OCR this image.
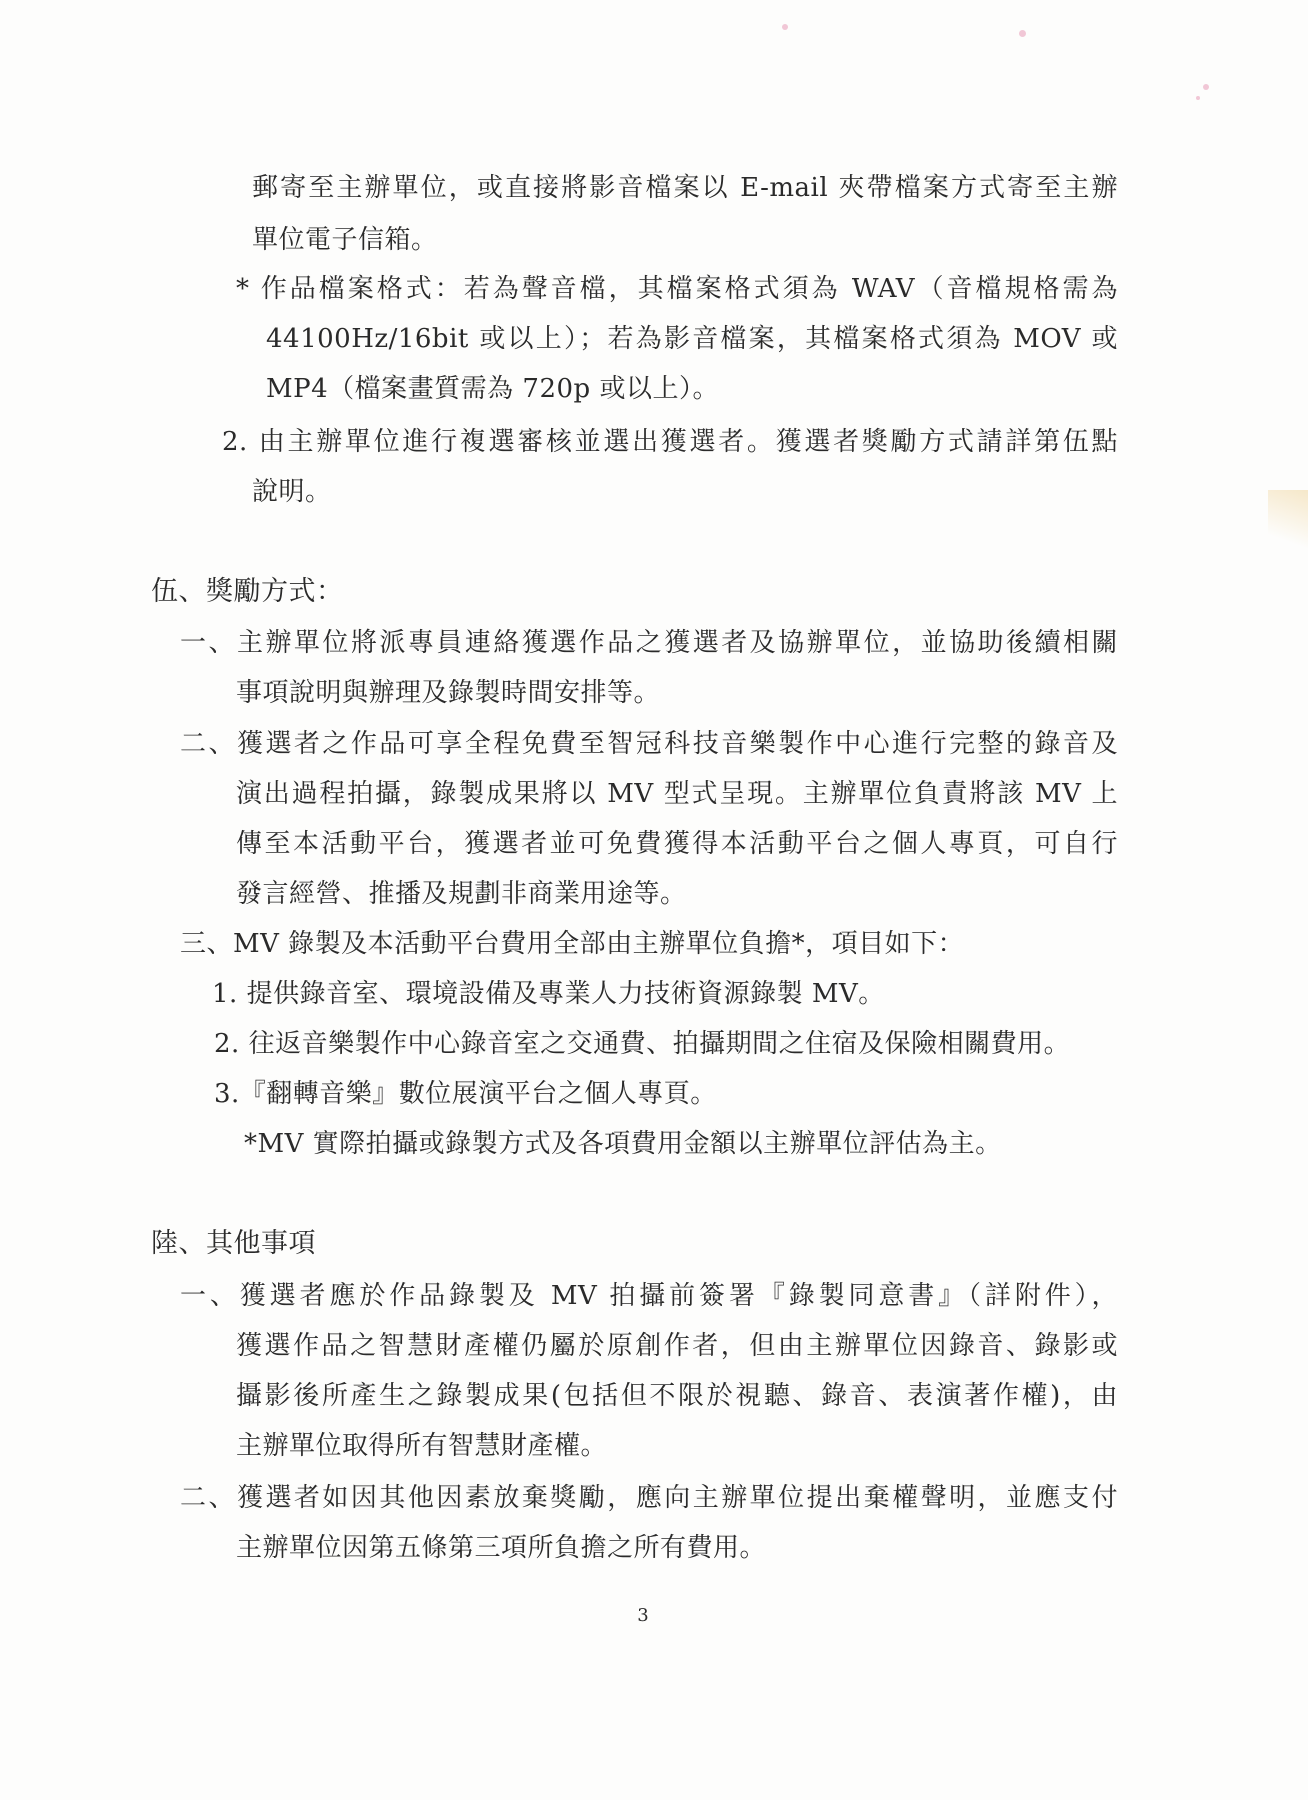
郵寄至主辦單位，或直接將影音檔案以 E-mail 夾帶檔案方式寄至主辦
單位電子信箱。
* 作品檔案格式：若為聲音檔，其檔案格式須為 WAV（音檔規格需為
44100Hz/16bit 或以上）；若為影音檔案，其檔案格式須為 MOV 或
MP4（檔案畫質需為 720p 或以上）。
2. 由主辦單位進行複選審核並選出獲選者。獲選者獎勵方式請詳第伍點
說明。
伍、獎勵方式：
一、主辦單位將派專員連絡獲選作品之獲選者及協辦單位，並協助後續相關
事項說明與辦理及錄製時間安排等。
二、獲選者之作品可享全程免費至智冠科技音樂製作中心進行完整的錄音及
演出過程拍攝，錄製成果將以 MV 型式呈現。主辦單位負責將該 MV 上
傳至本活動平台，獲選者並可免費獲得本活動平台之個人專頁，可自行
發言經營、推播及規劃非商業用途等。
三、MV 錄製及本活動平台費用全部由主辦單位負擔*，項目如下：
1. 提供錄音室、環境設備及專業人力技術資源錄製 MV。
2. 往返音樂製作中心錄音室之交通費、拍攝期間之住宿及保險相關費用。
3.『翻轉音樂』數位展演平台之個人專頁。
*MV 實際拍攝或錄製方式及各項費用金額以主辦單位評估為主。
陸、其他事項
一、獲選者應於作品錄製及 MV 拍攝前簽署『錄製同意書』（詳附件），
獲選作品之智慧財產權仍屬於原創作者，但由主辦單位因錄音、錄影或
攝影後所產生之錄製成果(包括但不限於視聽、錄音、表演著作權)，由
主辦單位取得所有智慧財產權。
二、獲選者如因其他因素放棄獎勵，應向主辦單位提出棄權聲明，並應支付
主辦單位因第五條第三項所負擔之所有費用。
3
